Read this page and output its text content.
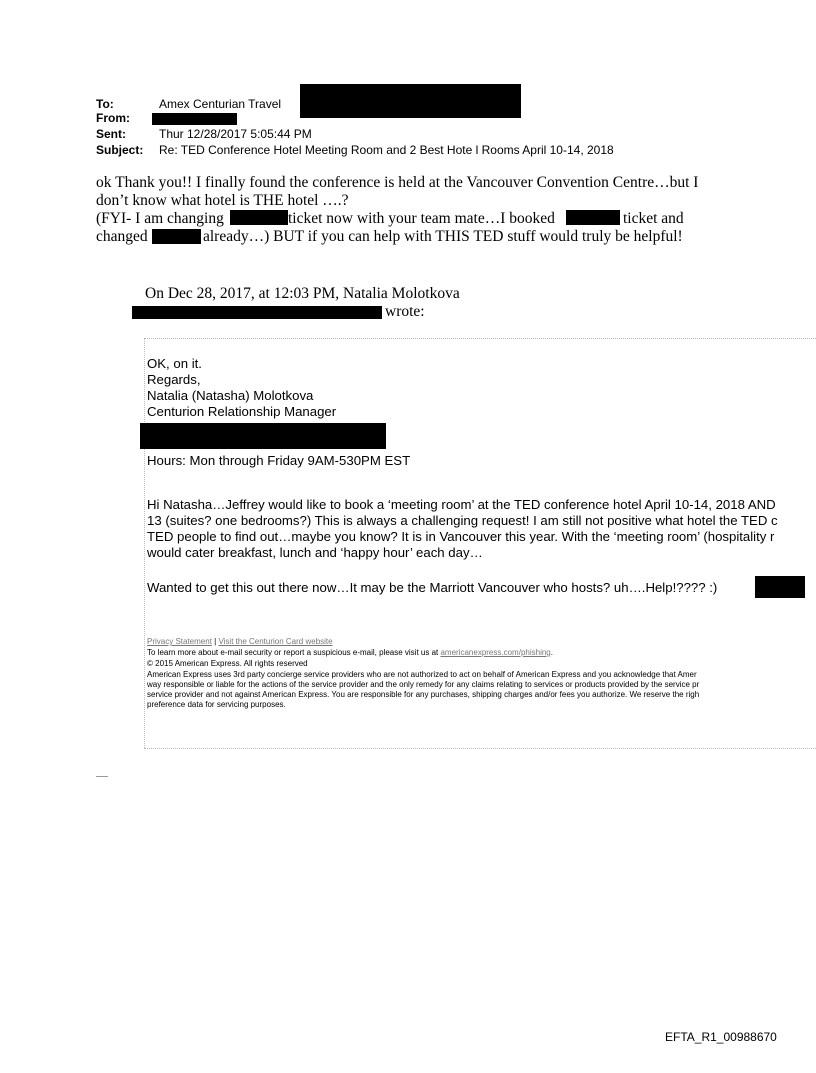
To:	Amex Centurian Travel
From:
Sent:	Thur 12/28/2017 5:05:44 PM
Subject: Re: TED Conference Hotel Meeting Room and 2 Best Hote l Rooms April 10-14, 2018
ok Thank you!! I finally found the conference is held at the Vancouver Convention Centre…but I
don’t know what hotel is THE hotel ….?
(FYI- I am changing	ticket now with your team mate…I booked	ticket and
changed	already…) BUT if you can help with THIS TED stuff would truly be helpful!
On Dec 28, 2017, at 12:03 PM, Natalia Molotkova
wrote:
OK, on it.
Regards,
Natalia (Natasha) Molotkova
Centurion Relationship Manager
Hours: Mon through Friday 9AM-530PM EST
Hi Natasha…Jeffrey would like to book a ‘meeting room’ at the TED conference hotel April 10-14, 2018 AND
13 (suites? one bedrooms?) This is always a challenging request! I am still not positive what hotel the TED c
TED people to find out…maybe you know? It is in Vancouver this year. With the ‘meeting room’ (hospitality r
would cater breakfast, lunch and ‘happy hour’ each day…
Wanted to get this out there now…It may be the Marriott Vancouver who hosts? uh….Help!???? :)
Privacy Statement | Visit the Centurion Card website
To learn more about e-mail security or report a suspicious e-mail, please visit us at americanexpress.com/phishing.
© 2015 American Express. All rights reserved
American Express uses 3rd party concierge service providers who are not authorized to act on behalf of American Express and you acknowledge that Amer
way responsible or liable for the actions of the service provider and the only remedy for any claims relating to services or products provided by the service pr
service provider and not against American Express. You are responsible for any purchases, shipping charges and/or fees you authorize. We reserve the righ
preference data for servicing purposes.
EFTA_R1_00988670
